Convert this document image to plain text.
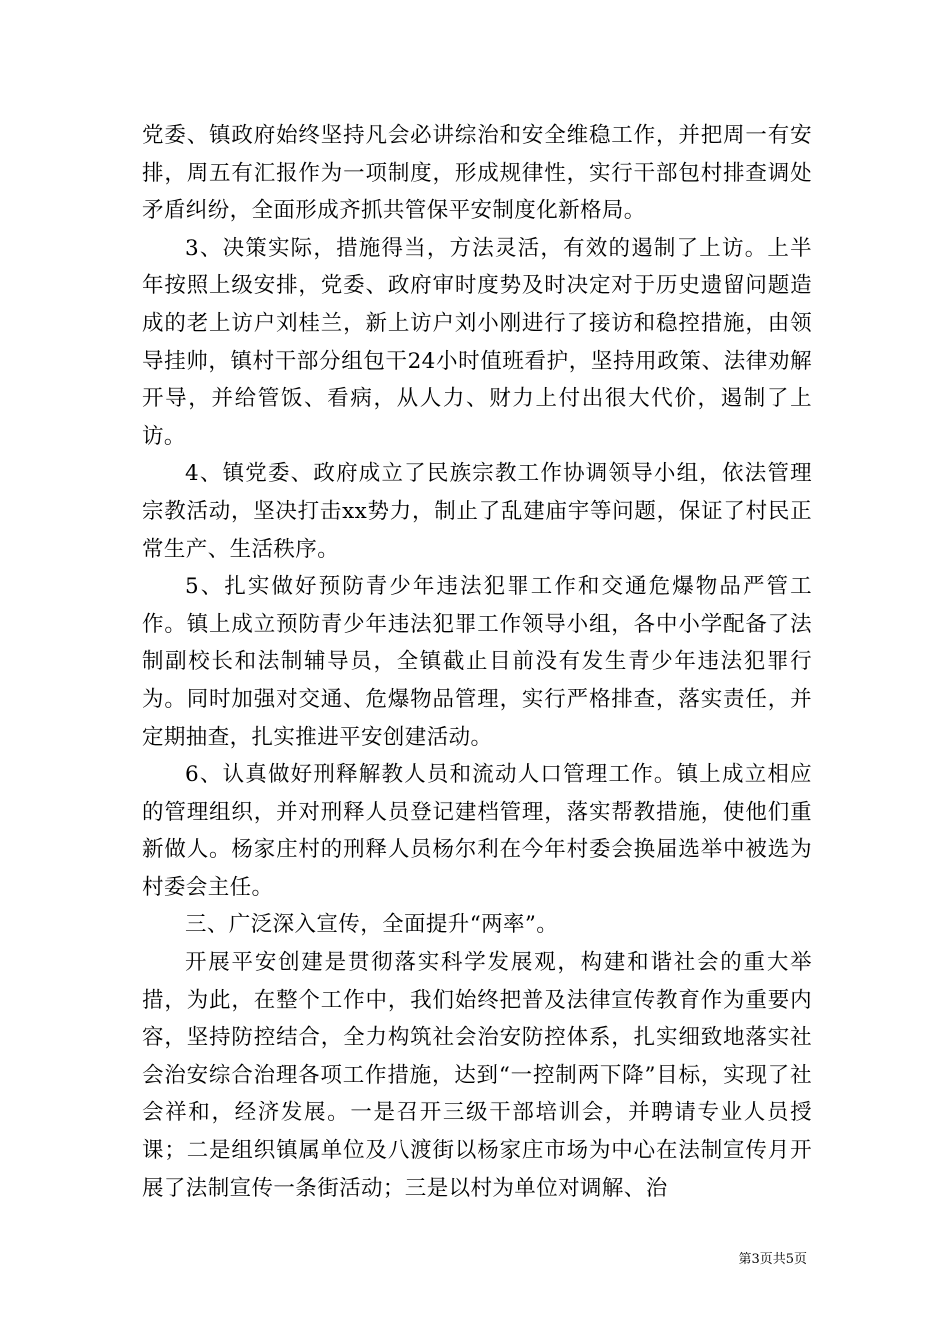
党委、镇政府始终坚持凡会必讲综治和安全维稳工作，并把周一有安排，周五有汇报作为一项制度，形成规律性，实行干部包村排查调处矛盾纠纷，全面形成齐抓共管保平安制度化新格局。

3、决策实际，措施得当，方法灵活，有效的遏制了上访。上半年按照上级安排，党委、政府审时度势及时决定对于历史遗留问题造成的老上访户刘桂兰，新上访户刘小刚进行了接访和稳控措施，由领导挂帅，镇村干部分组包干24小时值班看护，坚持用政策、法律劝解开导，并给管饭、看病，从人力、财力上付出很大代价，遏制了上访。

4、镇党委、政府成立了民族宗教工作协调领导小组，依法管理宗教活动，坚决打击xx势力，制止了乱建庙宇等问题，保证了村民正常生产、生活秩序。

5、扎实做好预防青少年违法犯罪工作和交通危爆物品严管工作。镇上成立预防青少年违法犯罪工作领导小组，各中小学配备了法制副校长和法制辅导员，全镇截止目前没有发生青少年违法犯罪行为。同时加强对交通、危爆物品管理，实行严格排查，落实责任，并定期抽查，扎实推进平安创建活动。

6、认真做好刑释解教人员和流动人口管理工作。镇上成立相应的管理组织，并对刑释人员登记建档管理，落实帮教措施，使他们重新做人。杨家庄村的刑释人员杨尔利在今年村委会换届选举中被选为村委会主任。

三、广泛深入宣传，全面提升“两率”。

开展平安创建是贯彻落实科学发展观，构建和谐社会的重大举措，为此，在整个工作中，我们始终把普及法律宣传教育作为重要内容，坚持防控结合，全力构筑社会治安防控体系，扎实细致地落实社会治安综合治理各项工作措施，达到“一控制两下降”目标，实现了社会祥和，经济发展。一是召开三级干部培训会，并聘请专业人员授课；二是组织镇属单位及八渡街以杨家庄市场为中心在法制宣传月开展了法制宣传一条街活动；三是以村为单位对调解、治

第3页共5页
